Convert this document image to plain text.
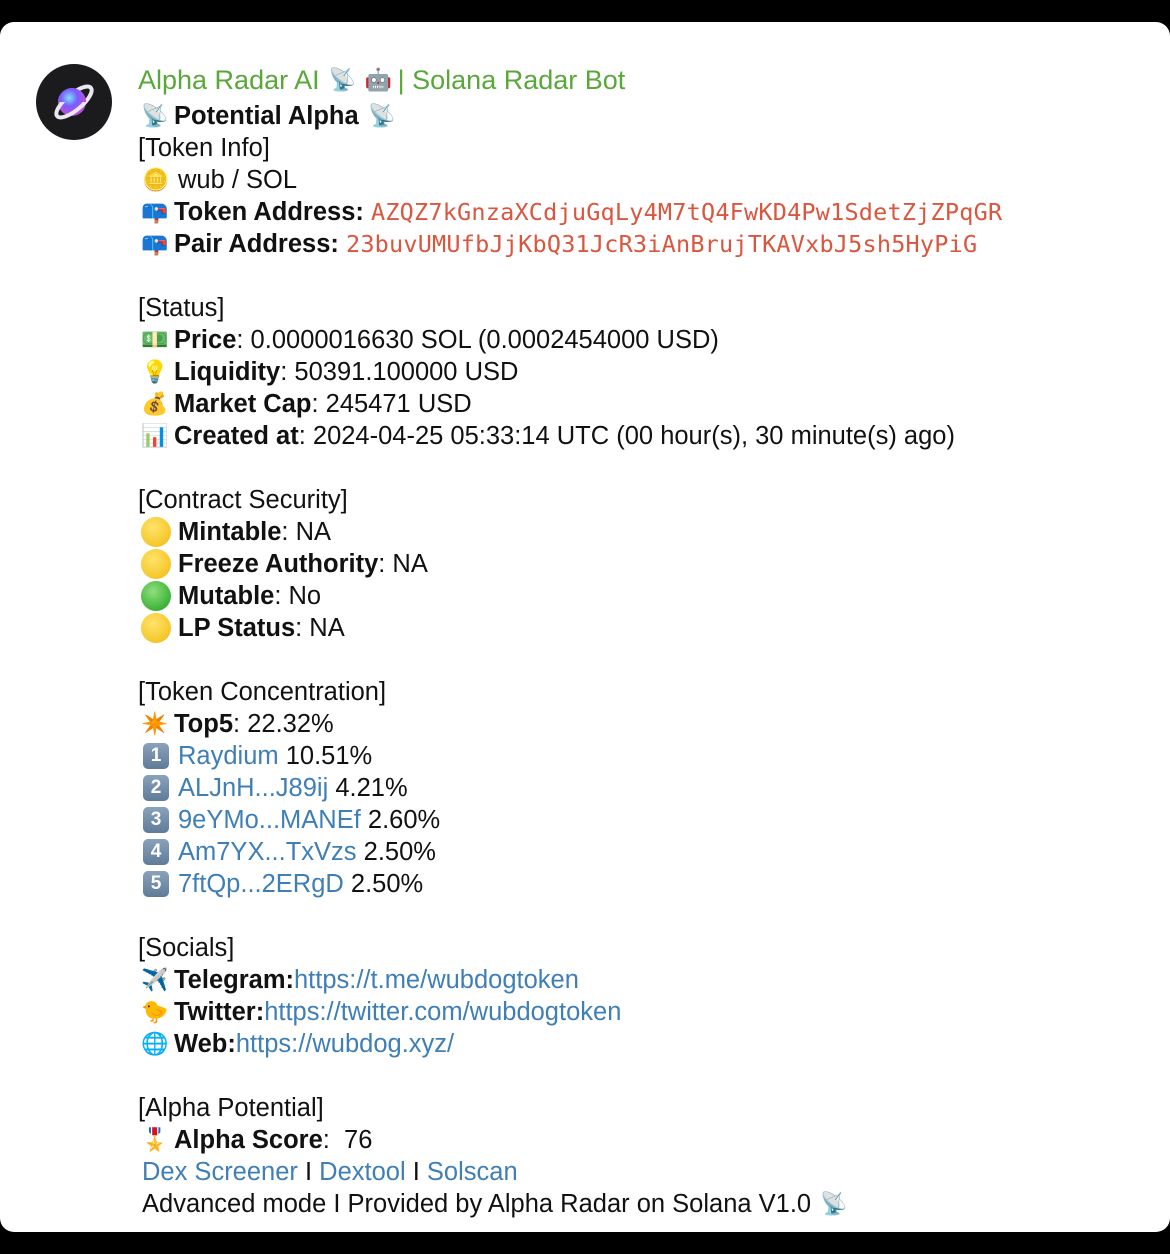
Alpha Radar AI 📡 🤖 | Solana Radar Bot
📡 Potential Alpha 📡
[Token Info]
🪙 wub / SOL
📪 Token Address:
AZQZ7kGnzaXCdjuGqLy4M7tQ4FwKD4Pw1SdetZjZPqGR
📪 Pair Address:
23buvUMUfbJjKbQ31JcR3iAnBrujTKAVxbJ5sh5HyPiG
[Status]
💵 Price : 0.0000016630 SOL (0.0002454000 USD)
💡 Liquidity : 50391.100000 USD
💰 Market Cap : 245471 USD
📊 Created at : 2024-04-25 05:33:14 UTC (00 hour(s), 30 minute(s) ago)
[Contract Security]
Mintable : NA
Freeze Authority : NA
Mutable : No
LP Status : NA
[Token Concentration]
✴️ Top5 : 22.32%
1 Raydium 10.51%
2 ALJnH...J89ij 4.21%
3 9eYMo...MANEf 2.60%
4 Am7YX...TxVzs 2.50%
5 7ftQp...2ERgD 2.50%
[Socials]
✈️ Telegram: https://t.me/wubdogtoken
🐤 Twitter: https://twitter.com/wubdogtoken
🌐 Web: https://wubdog.xyz/
[Alpha Potential]
🎖️ Alpha Score :  76
Dex Screener I Dextool I Solscan
Advanced mode I Provided by Alpha Radar on Solana V1.0 📡
